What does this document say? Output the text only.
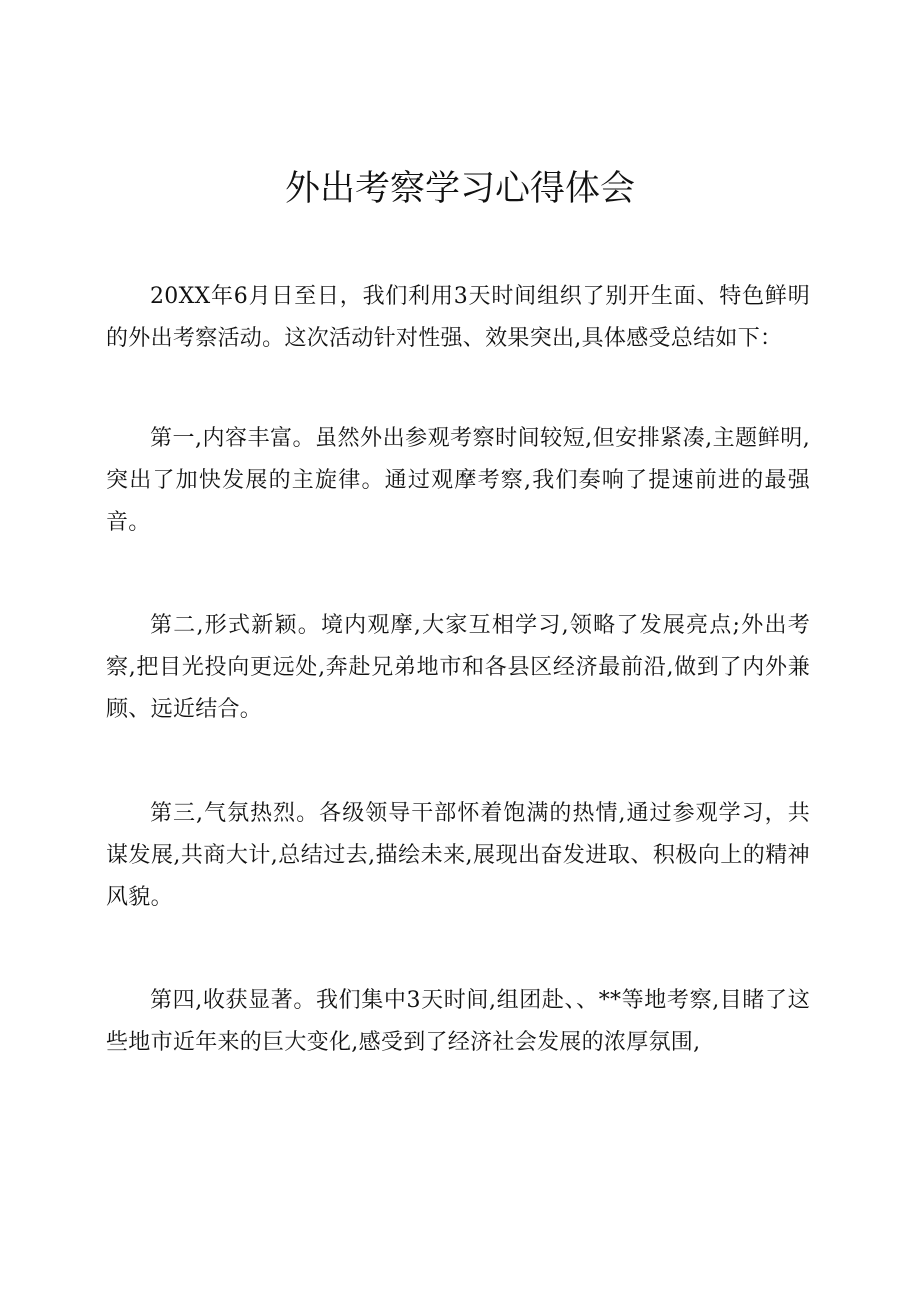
外出考察学习心得体会

20XX年6月日至日，我们利用3天时间组织了别开生面、特色鲜明的外出考察活动。这次活动针对性强、效果突出,具体感受总结如下：

第一,内容丰富。虽然外出参观考察时间较短,但安排紧凑,主题鲜明,突出了加快发展的主旋律。通过观摩考察,我们奏响了提速前进的最强音。

第二,形式新颖。境内观摩,大家互相学习,领略了发展亮点;外出考察,把目光投向更远处,奔赴兄弟地市和各县区经济最前沿,做到了内外兼顾、远近结合。

第三,气氛热烈。各级领导干部怀着饱满的热情,通过参观学习，共谋发展,共商大计,总结过去,描绘未来,展现出奋发进取、积极向上的精神风貌。

第四,收获显著。我们集中3天时间,组团赴、、**等地考察,目睹了这些地市近年来的巨大变化,感受到了经济社会发展的浓厚氛围,
